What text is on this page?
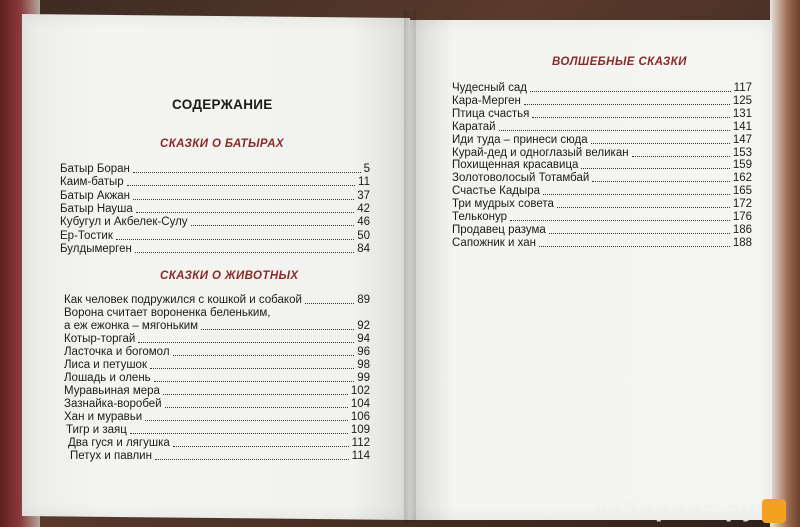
СОДЕРЖАНИЕ
СКАЗКИ О БАТЫРАХ
Батыр Боран	5
Каим-батыр	11
Батыр Акжан	37
Батыр Науша	42
Кубугул и Акбелек-Сулу	46
Ер-Тостик	50
Булдымерген	84
СКАЗКИ О ЖИВОТНЫХ
Как человек подружился с кошкой и собакой	89
Ворона считает вороненка беленьким,
а еж ежонка – мягоньким	92
Котыр-торгай	94
Ласточка и богомол	96
Лиса и петушок	98
Лошадь и олень	99
Муравьиная мера	102
Зазнайка-воробей	104
Хан и муравьи	106
Тигр и заяц	109
Два гуся и лягушка	112
Петух и павлин	114
ВОЛШЕБНЫЕ СКАЗКИ
Чудесный сад	117
Кара-Мерген	125
Птица счастья	131
Каратай	141
Иди туда – принеси сюда	147
Курай-дед и одноглазый великан	153
Похищенная красавица	159
Золотоволосый Тотамбай	162
Счастье Кадыра	165
Три мудрых совета	172
Тельконур	176
Продавец разума	186
Сапожник и хан	188
лабиринт.ру
